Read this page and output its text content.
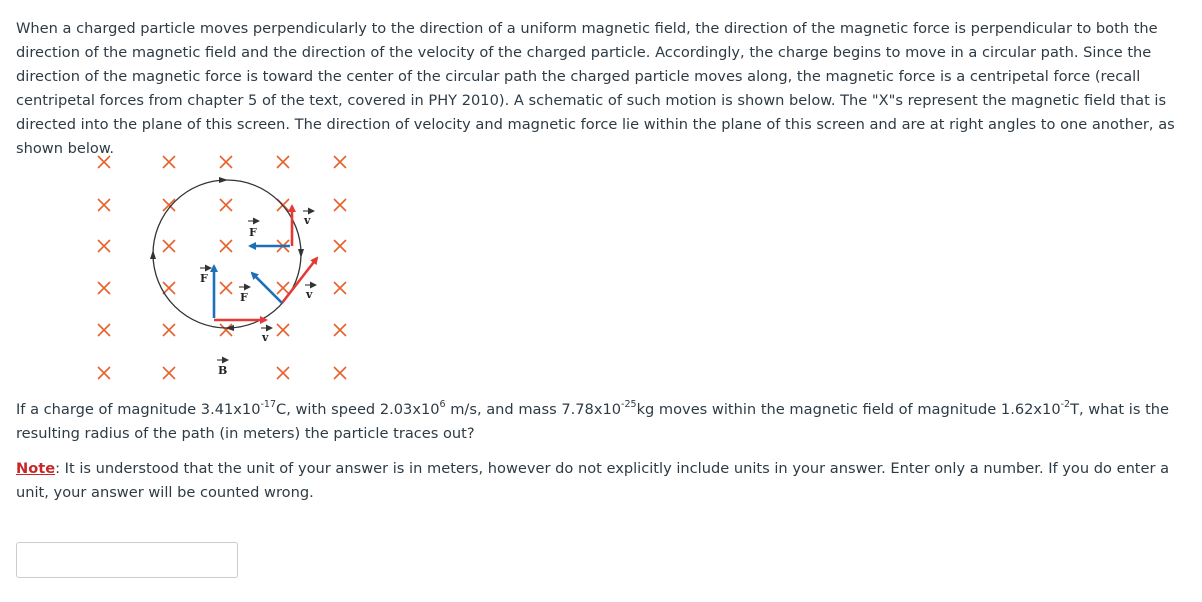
When a charged particle moves perpendicularly to the direction of a uniform magnetic field, the direction of the magnetic force is perpendicular to both the direction of the magnetic field and the direction of the velocity of the charged particle. Accordingly, the charge begins to move in a circular path. Since the direction of the magnetic force is toward the center of the circular path the charged particle moves along, the magnetic force is a centripetal force (recall centripetal forces from chapter 5 of the text, covered in PHY 2010). A schematic of such motion is shown below. The "X"s represent the magnetic field that is directed into the plane of this screen. The direction of velocity and magnetic force lie within the plane of this screen and are at right angles to one another, as shown below.

F
v
F
F	v
v
B

If a charge of magnitude $3.41x10^{-17}C$, with speed $2.03x10^6$ m/s, and mass $7.78x10^{-25}kg$ moves within the magnetic field of magnitude $1.62x10^{-2}T$, what is the resulting radius of the path (in meters) the particle traces out?

Note: It is understood that the unit of your answer is in meters, however do not explicitly include units in your answer. Enter only a number. If you do enter a unit, your answer will be counted wrong.
